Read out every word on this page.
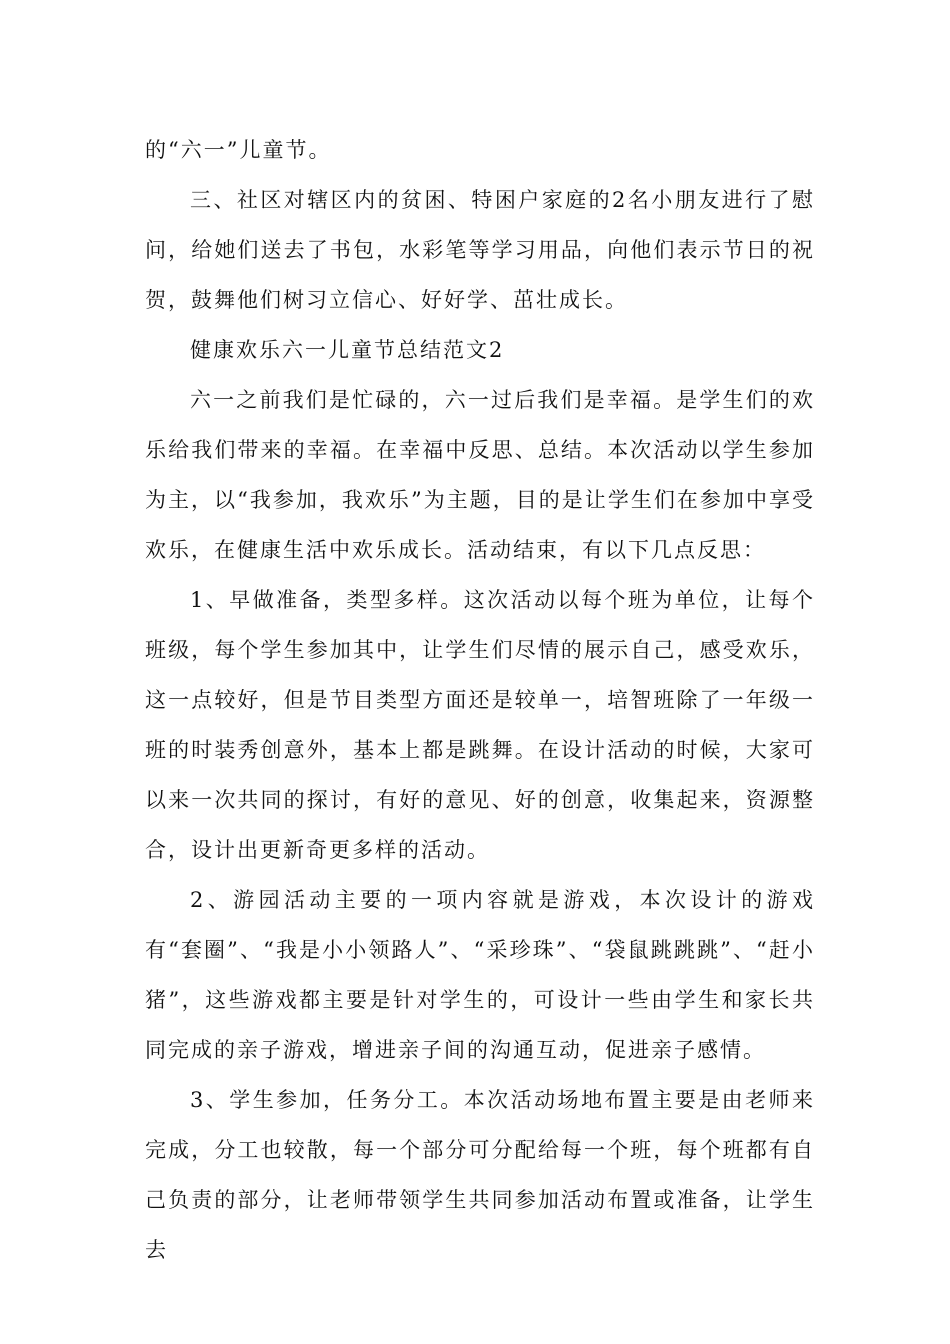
的“六一”儿童节。

三、社区对辖区内的贫困、特困户家庭的2名小朋友进行了慰问，给她们送去了书包，水彩笔等学习用品，向他们表示节日的祝贺，鼓舞他们树习立信心、好好学、茁壮成长。

健康欢乐六一儿童节总结范文2

六一之前我们是忙碌的，六一过后我们是幸福。是学生们的欢乐给我们带来的幸福。在幸福中反思、总结。本次活动以学生参加为主，以“我参加，我欢乐”为主题，目的是让学生们在参加中享受欢乐，在健康生活中欢乐成长。活动结束，有以下几点反思：

1、早做准备，类型多样。这次活动以每个班为单位，让每个班级，每个学生参加其中，让学生们尽情的展示自己，感受欢乐，这一点较好，但是节目类型方面还是较单一，培智班除了一年级一班的时装秀创意外，基本上都是跳舞。在设计活动的时候，大家可以来一次共同的探讨，有好的意见、好的创意，收集起来，资源整合，设计出更新奇更多样的活动。

2、游园活动主要的一项内容就是游戏，本次设计的游戏有“套圈”、“我是小小领路人”、“采珍珠”、“袋鼠跳跳跳”、“赶小猪”，这些游戏都主要是针对学生的，可设计一些由学生和家长共同完成的亲子游戏，增进亲子间的沟通互动，促进亲子感情。

3、学生参加，任务分工。本次活动场地布置主要是由老师来完成，分工也较散，每一个部分可分配给每一个班，每个班都有自己负责的部分，让老师带领学生共同参加活动布置或准备，让学生去
